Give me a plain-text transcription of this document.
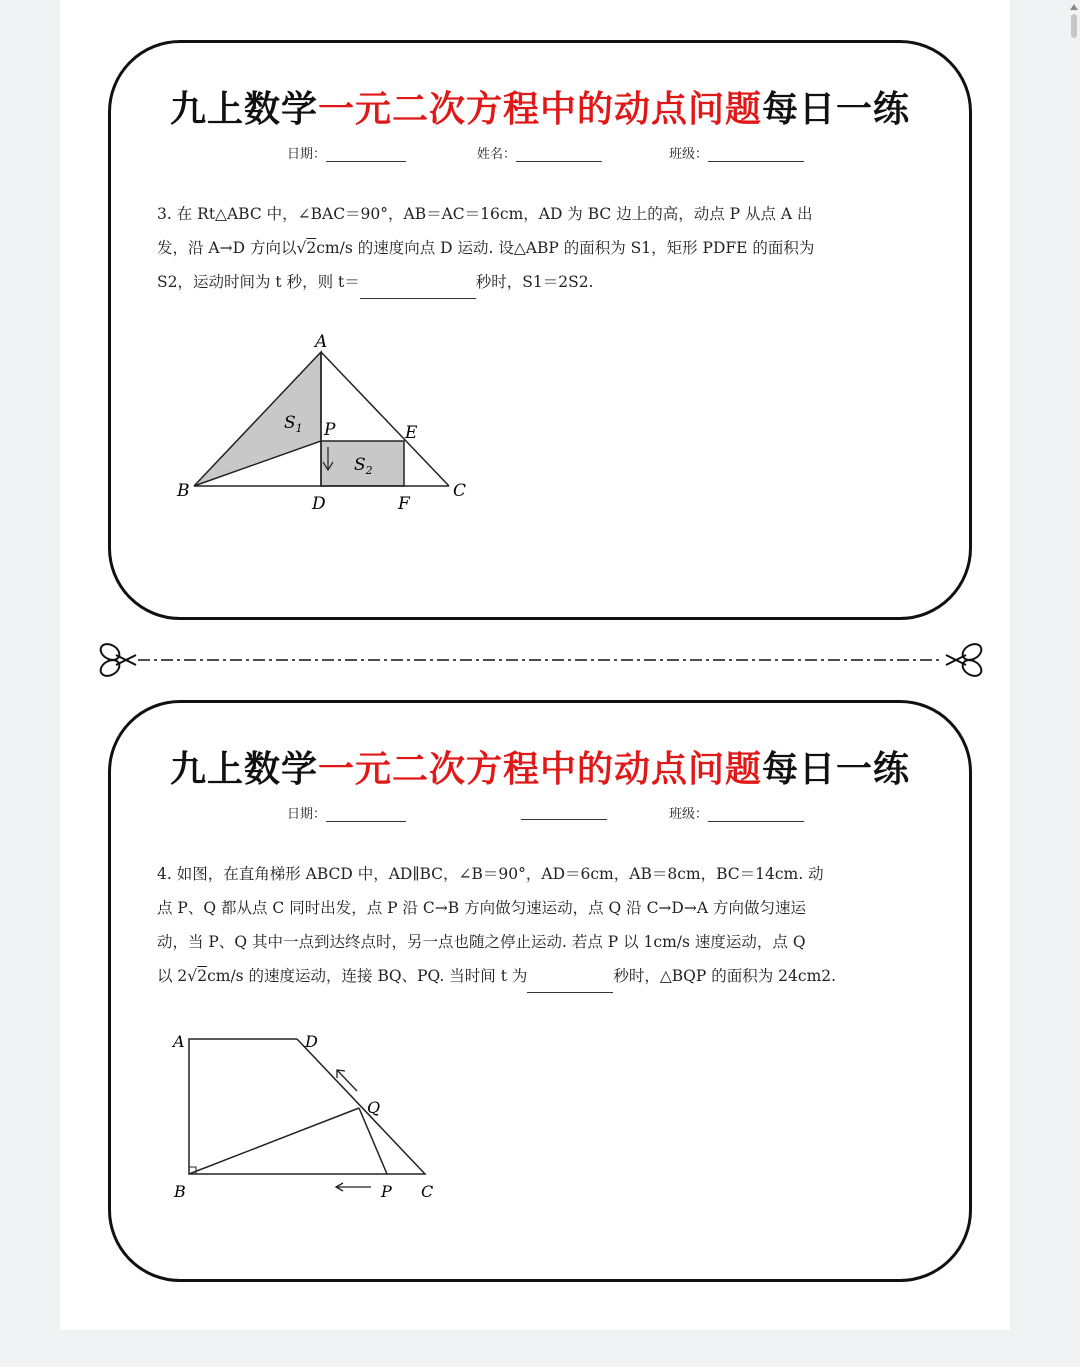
九上数学一元二次方程中的动点问题每日一练
日期：	姓名：	班级：
3. 在 Rt△ABC 中，∠BAC＝90°，AB＝AC＝16cm，AD 为 BC 边上的高，动点 P 从点 A 出
发，沿 A→D 方向以√2cm/s 的速度向点 D 运动. 设△ABP 的面积为 S1，矩形 PDFE 的面积为
S2，运动时间为 t 秒，则 t＝	秒时，S1＝2S2.
A
B	C
D	F
E
P
$S_1$
$S_2$
九上数学一元二次方程中的动点问题每日一练
日期：	班级：
4. 如图，在直角梯形 ABCD 中，AD∥BC，∠B＝90°，AD＝6cm，AB＝8cm，BC＝14cm. 动
点 P、Q 都从点 C 同时出发，点 P 沿 C→B 方向做匀速运动，点 Q 沿 C→D→A 方向做匀速运
动，当 P、Q 其中一点到达终点时，另一点也随之停止运动. 若点 P 以 1cm/s 速度运动，点 Q
以 2√2cm/s 的速度运动，连接 BQ、PQ. 当时间 t 为	秒时，△BQP 的面积为 24cm2.
A	D
Q
B	P C
